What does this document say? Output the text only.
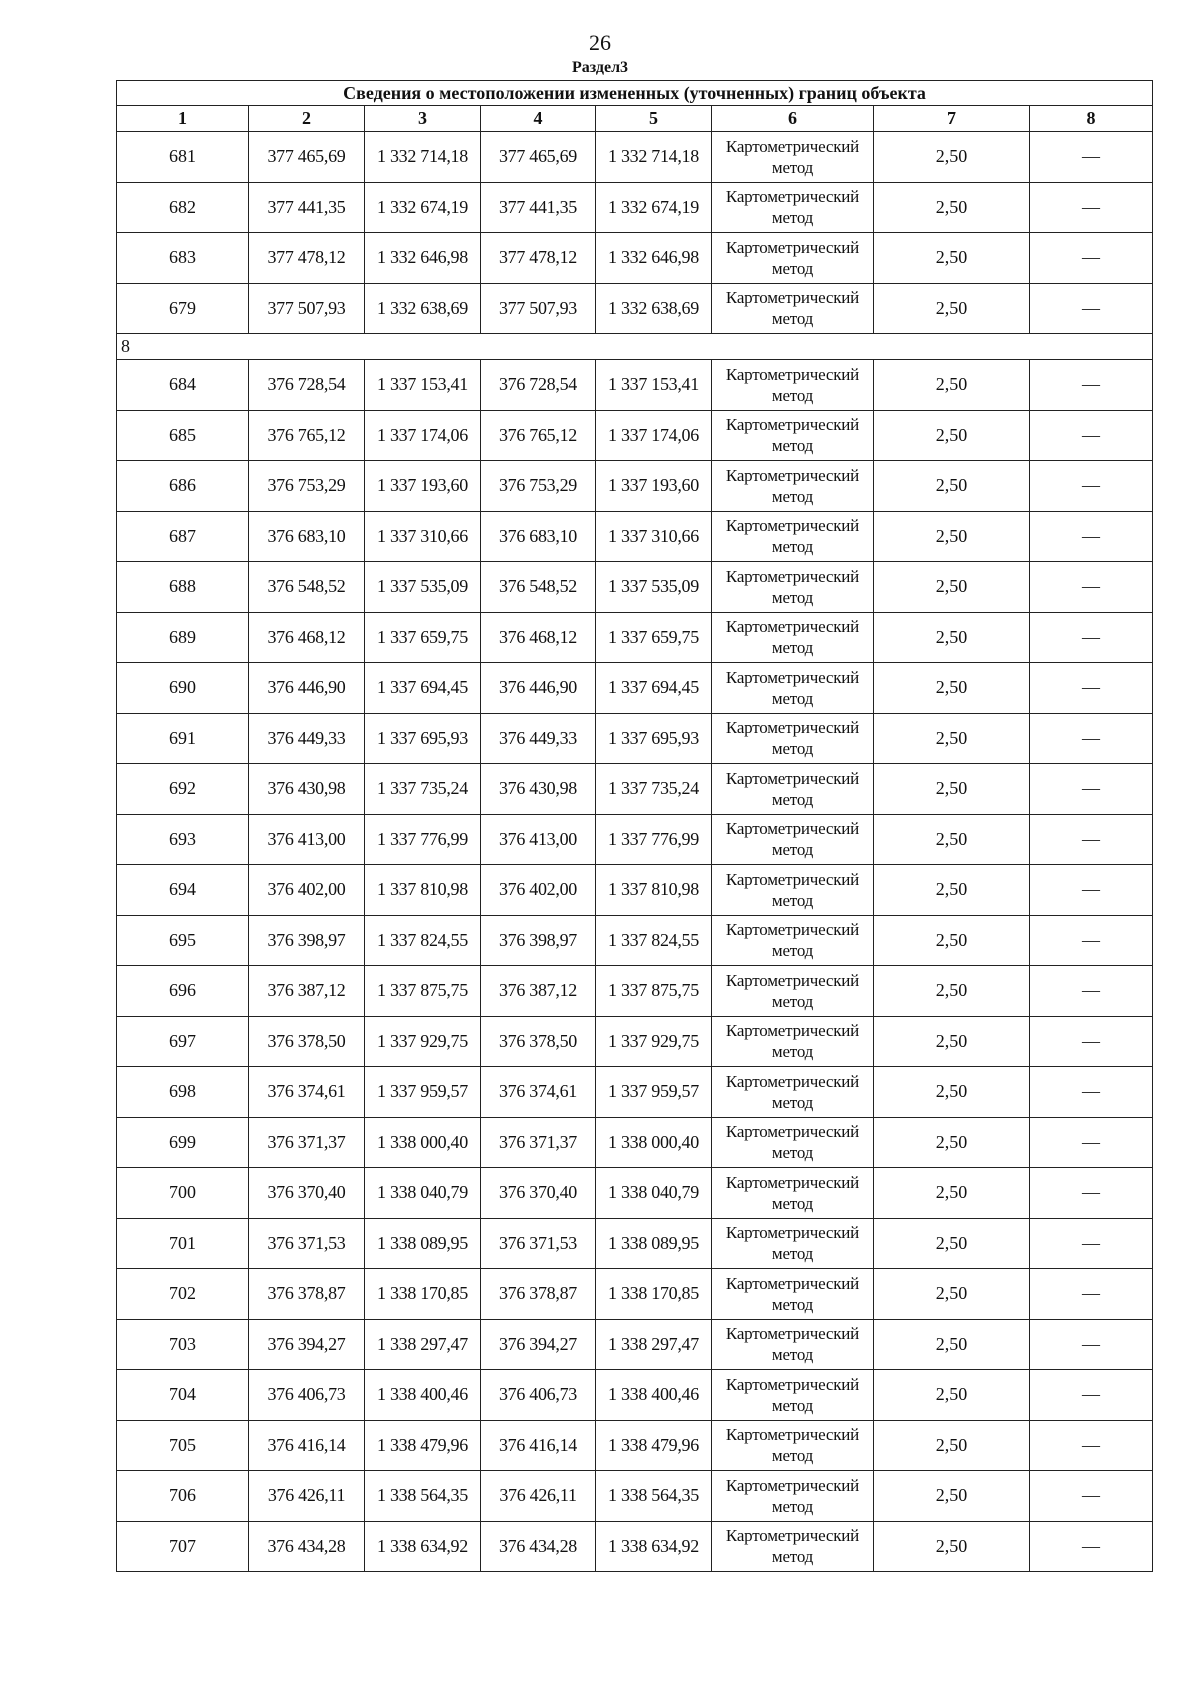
26
Раздел3
Сведения о местоположении измененных (уточненных) границ объекта							
1	2	3	4	5	6	7	8
681	377 465,69	1 332 714,18	377 465,69	1 332 714,18	Картометрический метод	2,50	—
682	377 441,35	1 332 674,19	377 441,35	1 332 674,19	Картометрический метод	2,50	—
683	377 478,12	1 332 646,98	377 478,12	1 332 646,98	Картометрический метод	2,50	—
679	377 507,93	1 332 638,69	377 507,93	1 332 638,69	Картометрический метод	2,50	—
8							
684	376 728,54	1 337 153,41	376 728,54	1 337 153,41	Картометрический метод	2,50	—
685	376 765,12	1 337 174,06	376 765,12	1 337 174,06	Картометрический метод	2,50	—
686	376 753,29	1 337 193,60	376 753,29	1 337 193,60	Картометрический метод	2,50	—
687	376 683,10	1 337 310,66	376 683,10	1 337 310,66	Картометрический метод	2,50	—
688	376 548,52	1 337 535,09	376 548,52	1 337 535,09	Картометрический метод	2,50	—
689	376 468,12	1 337 659,75	376 468,12	1 337 659,75	Картометрический метод	2,50	—
690	376 446,90	1 337 694,45	376 446,90	1 337 694,45	Картометрический метод	2,50	—
691	376 449,33	1 337 695,93	376 449,33	1 337 695,93	Картометрический метод	2,50	—
692	376 430,98	1 337 735,24	376 430,98	1 337 735,24	Картометрический метод	2,50	—
693	376 413,00	1 337 776,99	376 413,00	1 337 776,99	Картометрический метод	2,50	—
694	376 402,00	1 337 810,98	376 402,00	1 337 810,98	Картометрический метод	2,50	—
695	376 398,97	1 337 824,55	376 398,97	1 337 824,55	Картометрический метод	2,50	—
696	376 387,12	1 337 875,75	376 387,12	1 337 875,75	Картометрический метод	2,50	—
697	376 378,50	1 337 929,75	376 378,50	1 337 929,75	Картометрический метод	2,50	—
698	376 374,61	1 337 959,57	376 374,61	1 337 959,57	Картометрический метод	2,50	—
699	376 371,37	1 338 000,40	376 371,37	1 338 000,40	Картометрический метод	2,50	—
700	376 370,40	1 338 040,79	376 370,40	1 338 040,79	Картометрический метод	2,50	—
701	376 371,53	1 338 089,95	376 371,53	1 338 089,95	Картометрический метод	2,50	—
702	376 378,87	1 338 170,85	376 378,87	1 338 170,85	Картометрический метод	2,50	—
703	376 394,27	1 338 297,47	376 394,27	1 338 297,47	Картометрический метод	2,50	—
704	376 406,73	1 338 400,46	376 406,73	1 338 400,46	Картометрический метод	2,50	—
705	376 416,14	1 338 479,96	376 416,14	1 338 479,96	Картометрический метод	2,50	—
706	376 426,11	1 338 564,35	376 426,11	1 338 564,35	Картометрический метод	2,50	—
707	376 434,28	1 338 634,92	376 434,28	1 338 634,92	Картометрический метод	2,50	—
